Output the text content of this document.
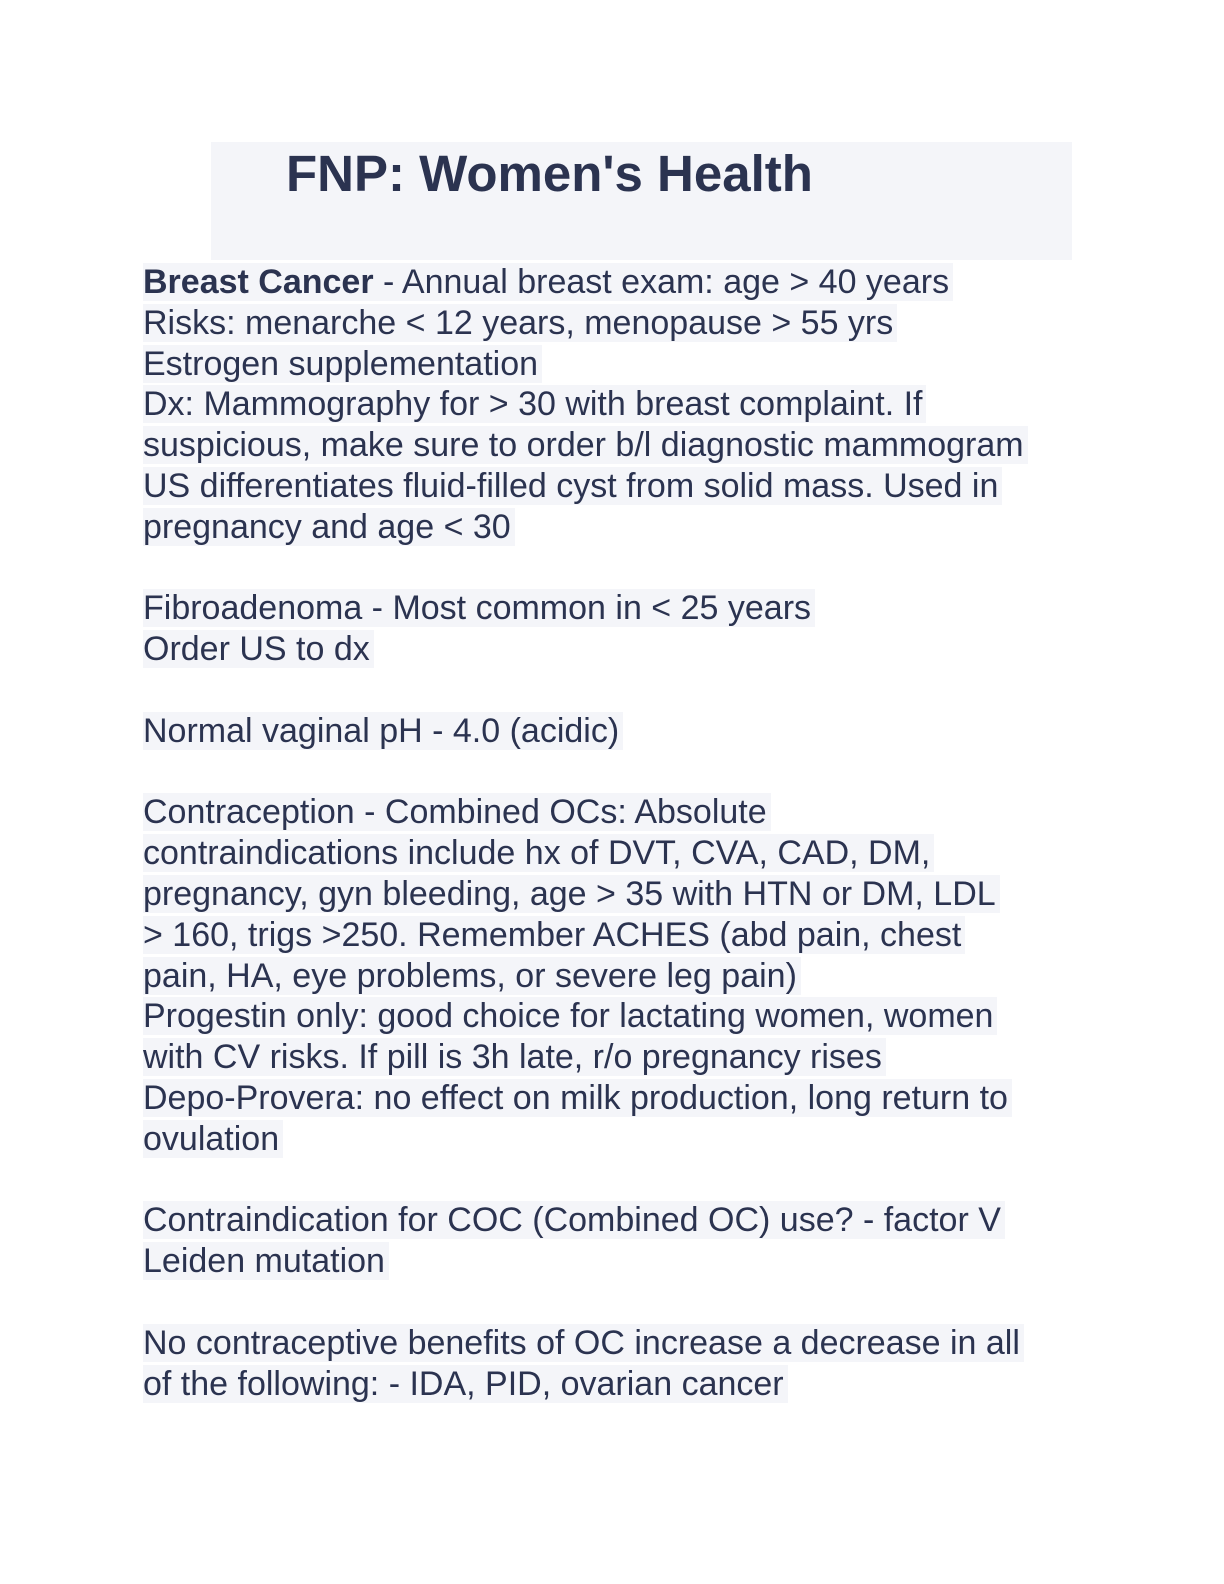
FNP: Women's Health
Breast Cancer - Annual breast exam: age > 40 years
Risks: menarche < 12 years, menopause > 55 yrs
Estrogen supplementation
Dx: Mammography for > 30 with breast complaint. If
suspicious, make sure to order b/l diagnostic mammogram
US differentiates fluid-filled cyst from solid mass. Used in
pregnancy and age < 30
Fibroadenoma - Most common in < 25 years
Order US to dx
Normal vaginal pH - 4.0 (acidic)
Contraception - Combined OCs: Absolute
contraindications include hx of DVT, CVA, CAD, DM,
pregnancy, gyn bleeding, age > 35 with HTN or DM, LDL
> 160, trigs >250. Remember ACHES (abd pain, chest
pain, HA, eye problems, or severe leg pain)
Progestin only: good choice for lactating women, women
with CV risks. If pill is 3h late, r/o pregnancy rises
Depo-Provera: no effect on milk production, long return to
ovulation
Contraindication for COC (Combined OC) use? - factor V
Leiden mutation
No contraceptive benefits of OC increase a decrease in all
of the following: - IDA, PID, ovarian cancer
